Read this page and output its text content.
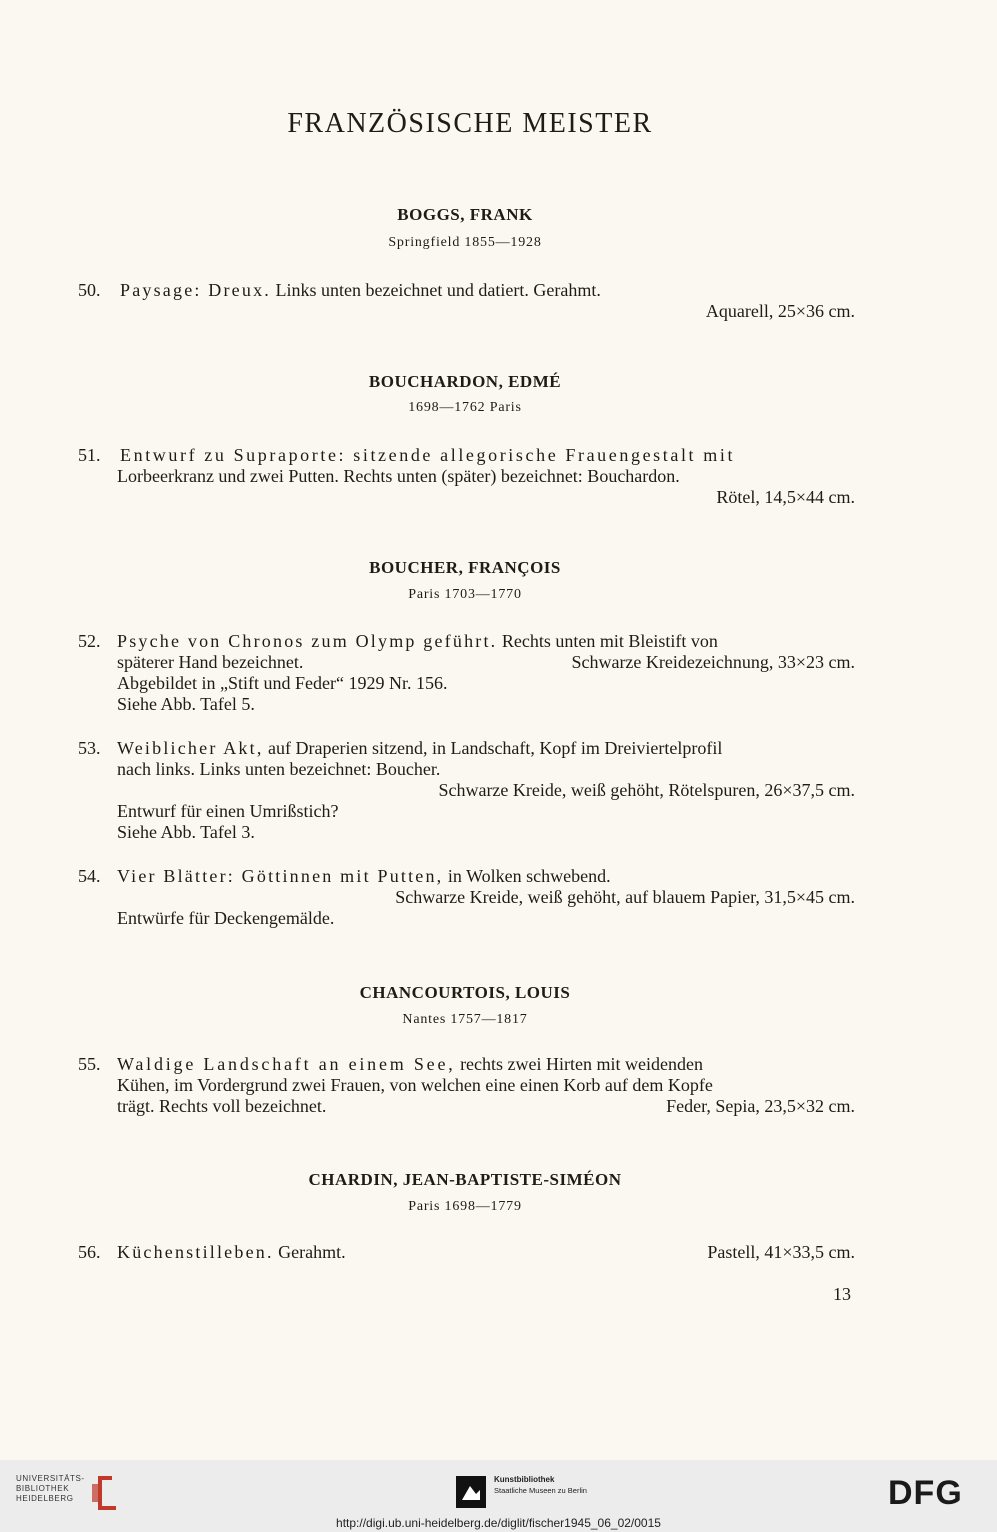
FRANZÖSISCHE MEISTER
BOGGS, FRANK
Springfield 1855—1928
50. Paysage: Dreux. Links unten bezeichnet und datiert. Gerahmt.
Aquarell, 25×36 cm.
BOUCHARDON, EDMÉ
1698—1762 Paris
51. Entwurf zu Supraporte: sitzende allegorische Frauengestalt mit
Lorbeerkranz und zwei Putten. Rechts unten (später) bezeichnet: Bouchardon.
Rötel, 14,5×44 cm.
BOUCHER, FRANÇOIS
Paris 1703—1770
52. Psyche von Chronos zum Olymp geführt. Rechts unten mit Bleistift von
späterer Hand bezeichnet.	Schwarze Kreidezeichnung, 33×23 cm.
Abgebildet in „Stift und Feder“ 1929 Nr. 156.
Siehe Abb. Tafel 5.
53. Weiblicher Akt, auf Draperien sitzend, in Landschaft, Kopf im Dreiviertelprofil
nach links. Links unten bezeichnet: Boucher.
Schwarze Kreide, weiß gehöht, Rötelspuren, 26×37,5 cm.
Entwurf für einen Umrißstich?
Siehe Abb. Tafel 3.
54. Vier Blätter: Göttinnen mit Putten, in Wolken schwebend.
Schwarze Kreide, weiß gehöht, auf blauem Papier, 31,5×45 cm.
Entwürfe für Deckengemälde.
CHANCOURTOIS, LOUIS
Nantes 1757—1817
55. Waldige Landschaft an einem See, rechts zwei Hirten mit weidenden
Kühen, im Vordergrund zwei Frauen, von welchen eine einen Korb auf dem Kopfe
trägt. Rechts voll bezeichnet.	Feder, Sepia, 23,5×32 cm.
CHARDIN, JEAN-BAPTISTE-SIMÉON
Paris 1698—1779
56. Küchenstilleben. Gerahmt.	Pastell, 41×33,5 cm.
13
UNIVERSITÄTS-
BIBLIOTHEK
HEIDELBERG
Kunstbibliothek
Staatliche Museen zu Berlin	DFG
http://digi.ub.uni-heidelberg.de/diglit/fischer1945_06_02/0015
